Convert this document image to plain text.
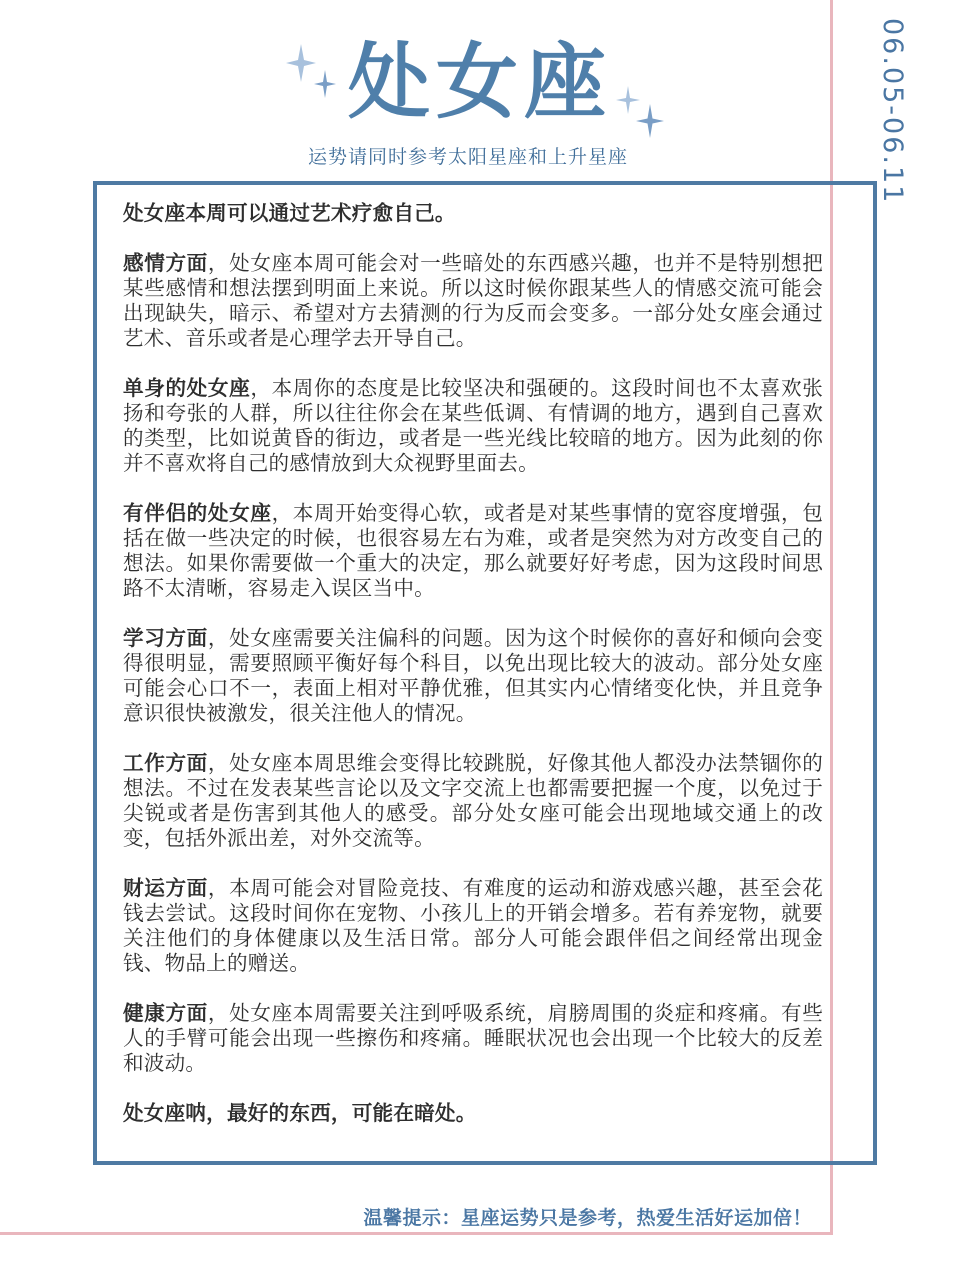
06.05-06.11
处女座
运势请同时参考太阳星座和上升星座

处女座本周可以通过艺术疗愈自己。

感情方面，处女座本周可能会对一些暗处的东西感兴趣，也并不是特别想把某些感情和想法摆到明面上来说。所以这时候你跟某些人的情感交流可能会出现缺失，暗示、希望对方去猜测的行为反而会变多。一部分处女座会通过艺术、音乐或者是心理学去开导自己。

单身的处女座，本周你的态度是比较坚决和强硬的。这段时间也不太喜欢张扬和夸张的人群，所以往往你会在某些低调、有情调的地方，遇到自己喜欢的类型，比如说黄昏的街边，或者是一些光线比较暗的地方。因为此刻的你并不喜欢将自己的感情放到大众视野里面去。

有伴侣的处女座，本周开始变得心软，或者是对某些事情的宽容度增强，包括在做一些决定的时候，也很容易左右为难，或者是突然为对方改变自己的想法。如果你需要做一个重大的决定，那么就要好好考虑，因为这段时间思路不太清晰，容易走入误区当中。

学习方面，处女座需要关注偏科的问题。因为这个时候你的喜好和倾向会变得很明显，需要照顾平衡好每个科目，以免出现比较大的波动。部分处女座可能会心口不一，表面上相对平静优雅，但其实内心情绪变化快，并且竞争意识很快被激发，很关注他人的情况。

工作方面，处女座本周思维会变得比较跳脱，好像其他人都没办法禁锢你的想法。不过在发表某些言论以及文字交流上也都需要把握一个度，以免过于尖锐或者是伤害到其他人的感受。部分处女座可能会出现地域交通上的改变，包括外派出差，对外交流等。

财运方面，本周可能会对冒险竞技、有难度的运动和游戏感兴趣，甚至会花钱去尝试。这段时间你在宠物、小孩儿上的开销会增多。若有养宠物，就要关注他们的身体健康以及生活日常。部分人可能会跟伴侣之间经常出现金钱、物品上的赠送。

健康方面，处女座本周需要关注到呼吸系统，肩膀周围的炎症和疼痛。有些人的手臂可能会出现一些擦伤和疼痛。睡眠状况也会出现一个比较大的反差和波动。

处女座呐，最好的东西，可能在暗处。

温馨提示：星座运势只是参考，热爱生活好运加倍！
